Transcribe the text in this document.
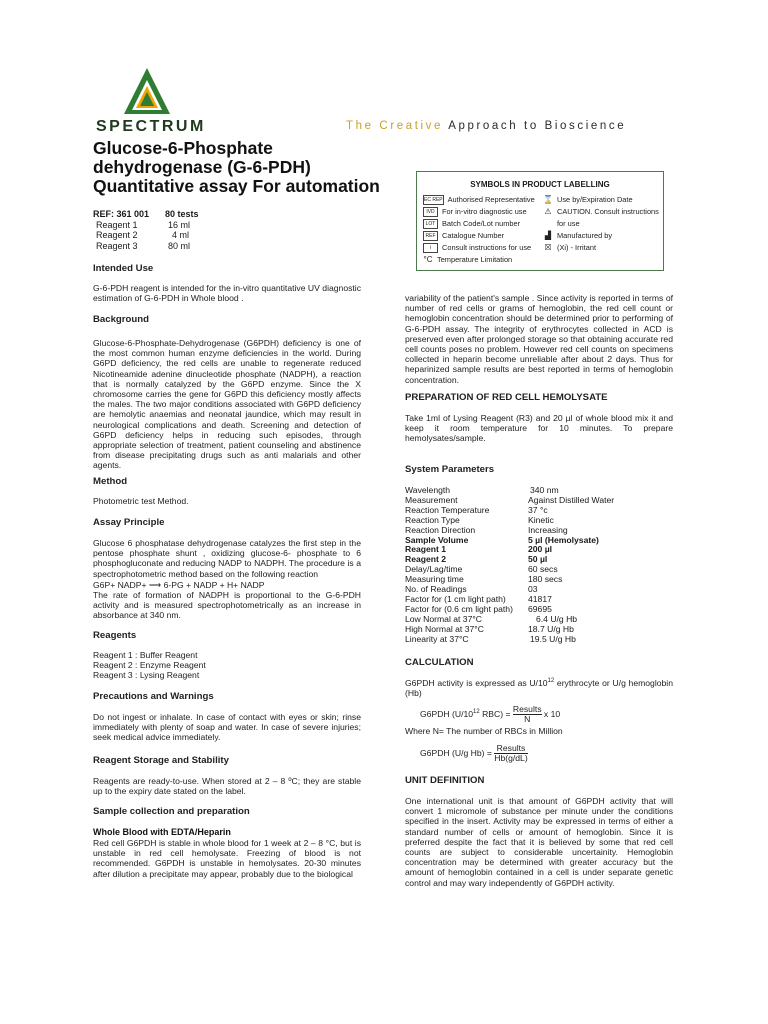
SPECTRUM	The Creative Approach to Bioscience
Glucose-6-Phosphate
dehydrogenase (G-6-PDH)
Quantitative assay For automation
REF: 361 001	80 tests
Reagent 1	16 ml
Reagent 2	4 ml
Reagent 3	80 ml
SYMBOLS IN PRODUCT LABELLING
EC REP Authorised Representative
IVD For in-vitro diagnostic use
LOT Batch Code/Lot number
REF Catalogue Number
i Consult instructions for use
°C Temperature Limitation
⌛ Use by/Expiration Date
⚠ CAUTION. Consult instructions
for use
▟ Manufactured by
☒ (Xi) - Irritant
Intended Use
G-6-PDH reagent is intended for the in-vitro quantitative UV diagnostic estimation of G-6-PDH in Whole blood .
Background
Glucose-6-Phosphate-Dehydrogenase (G6PDH) deficiency is one of the most common human enzyme deficiencies in the world. During G6PD deficiency, the red cells are unable to regenerate reduced Nicotineamide adenine dinucleotide phosphate (NADPH), a reaction that is normally catalyzed by the G6PD enzyme. Since the X chromosome carries the gene for G6PD this deficiency mostly affects the males. The two major conditions associated with G6PD deficiency are hemolytic anaemias and neonatal jaundice, which may result in neurological complications and death. Screening and detection of G6PD deficiency helps in reducing such episodes, through appropriate selection of treatment, patient counseling and abstinence from disease precipitating drugs such as anti malarials and other agents.
Method
Photometric test Method.
Assay Principle
Glucose 6 phosphatase dehydrogenase catalyzes the first step in the pentose phosphate shunt , oxidizing glucose-6- phosphate to 6 phosphogluconate and reducing NADP to NADPH. The procedure is a spectrophotometric method based on the following reaction
G6P+ NADP+ ⟶ 6-PG + NADP + H+ NADP
The rate of formation of NADPH is proportional to the G-6-PDH activity and is measured spectrophotometrically as an increase in absorbance at 340 nm.
Reagents
Reagent 1 : Buffer Reagent
Reagent 2 : Enzyme Reagent
Reagent 3 : Lysing Reagent
Precautions and Warnings
Do not ingest or inhalate. In case of contact with eyes or skin; rinse immediately with plenty of soap and water. In case of severe injuries; seek medical advice immediately.
Reagent Storage and Stability
Reagents are ready-to-use. When stored at 2 – 8 ºC; they are stable up to the expiry date stated on the label.
Sample collection and preparation
Whole Blood with EDTA/Heparin
Red cell G6PDH is stable in whole blood for 1 week at 2 – 8 °C, but is unstable in red cell hemolysate. Freezing of blood is not recommended. G6PDH is unstable in hemolysates. 20-30 minutes after dilution a precipitate may appear, probably due to the biological
variability of the patient's sample . Since activity is reported in terms of number of red cells or grams of hemoglobin, the red cell count or hemoglobin concentration should be determined prior to performing of G-6-PDH assay. The integrity of erythrocytes collected in ACD is preserved even after prolonged storage so that obtaining accurate red cell counts poses no problem. However red cell counts on specimens collected in heparin become unreliable after about 2 days. Thus for heparinized sample results are best reported in terms of hemoglobin concentration.
PREPARATION OF RED CELL HEMOLYSATE
Take 1ml of Lysing Reagent (R3) and 20 µl of whole blood mix it and keep it room temperature for 10 minutes. To prepare hemolysates/sample.
System Parameters
Wavelength	340 nm
Measurement	Against Distilled Water
Reaction Temperature	37 °c
Reaction Type	Kinetic
Reaction Direction	Increasing
Sample Volume	5 µl (Hemolysate)
Reagent 1	200 µl
Reagent 2	50 µl
Delay/Lag/time	60 secs
Measuring time	180 secs
No. of Readings	03
Factor for (1 cm light path)	41817
Factor for (0.6 cm light path)	69695
Low Normal at 37°C	6.4 U/g Hb
High Normal at 37°C	18.7 U/g Hb
Linearity at 37°C	19.5 U/g Hb
CALCULATION
G6PDH activity is expressed as $U/10^{12}$ erythrocyte or U/g hemoglobin (Hb)
G6PDH ($U/10^{12}$ $RBC) = \frac{\text{Results}}{N}$ x 10
Where N= The number of RBCs in Million
G6PDH (U/g $Hb) = \frac{\text{Results}}{Hb(g/dL)}$
UNIT DEFINITION
One international unit is that amount of G6PDH activity that will convert 1 micromole of substance per minute under the conditions specified in the insert. Activity may be expressed in terms of either a standard number of cells or amount of hemoglobin. Since it is preferred despite the fact that it is believed by some that red cell counts are subject to considerable uncertainity. Hemoglobin concentration may be determined with greater accuracy but the amount of hemoglobin contained in a cell is under separate genetic control and may wary independently of G6PDH activity.
